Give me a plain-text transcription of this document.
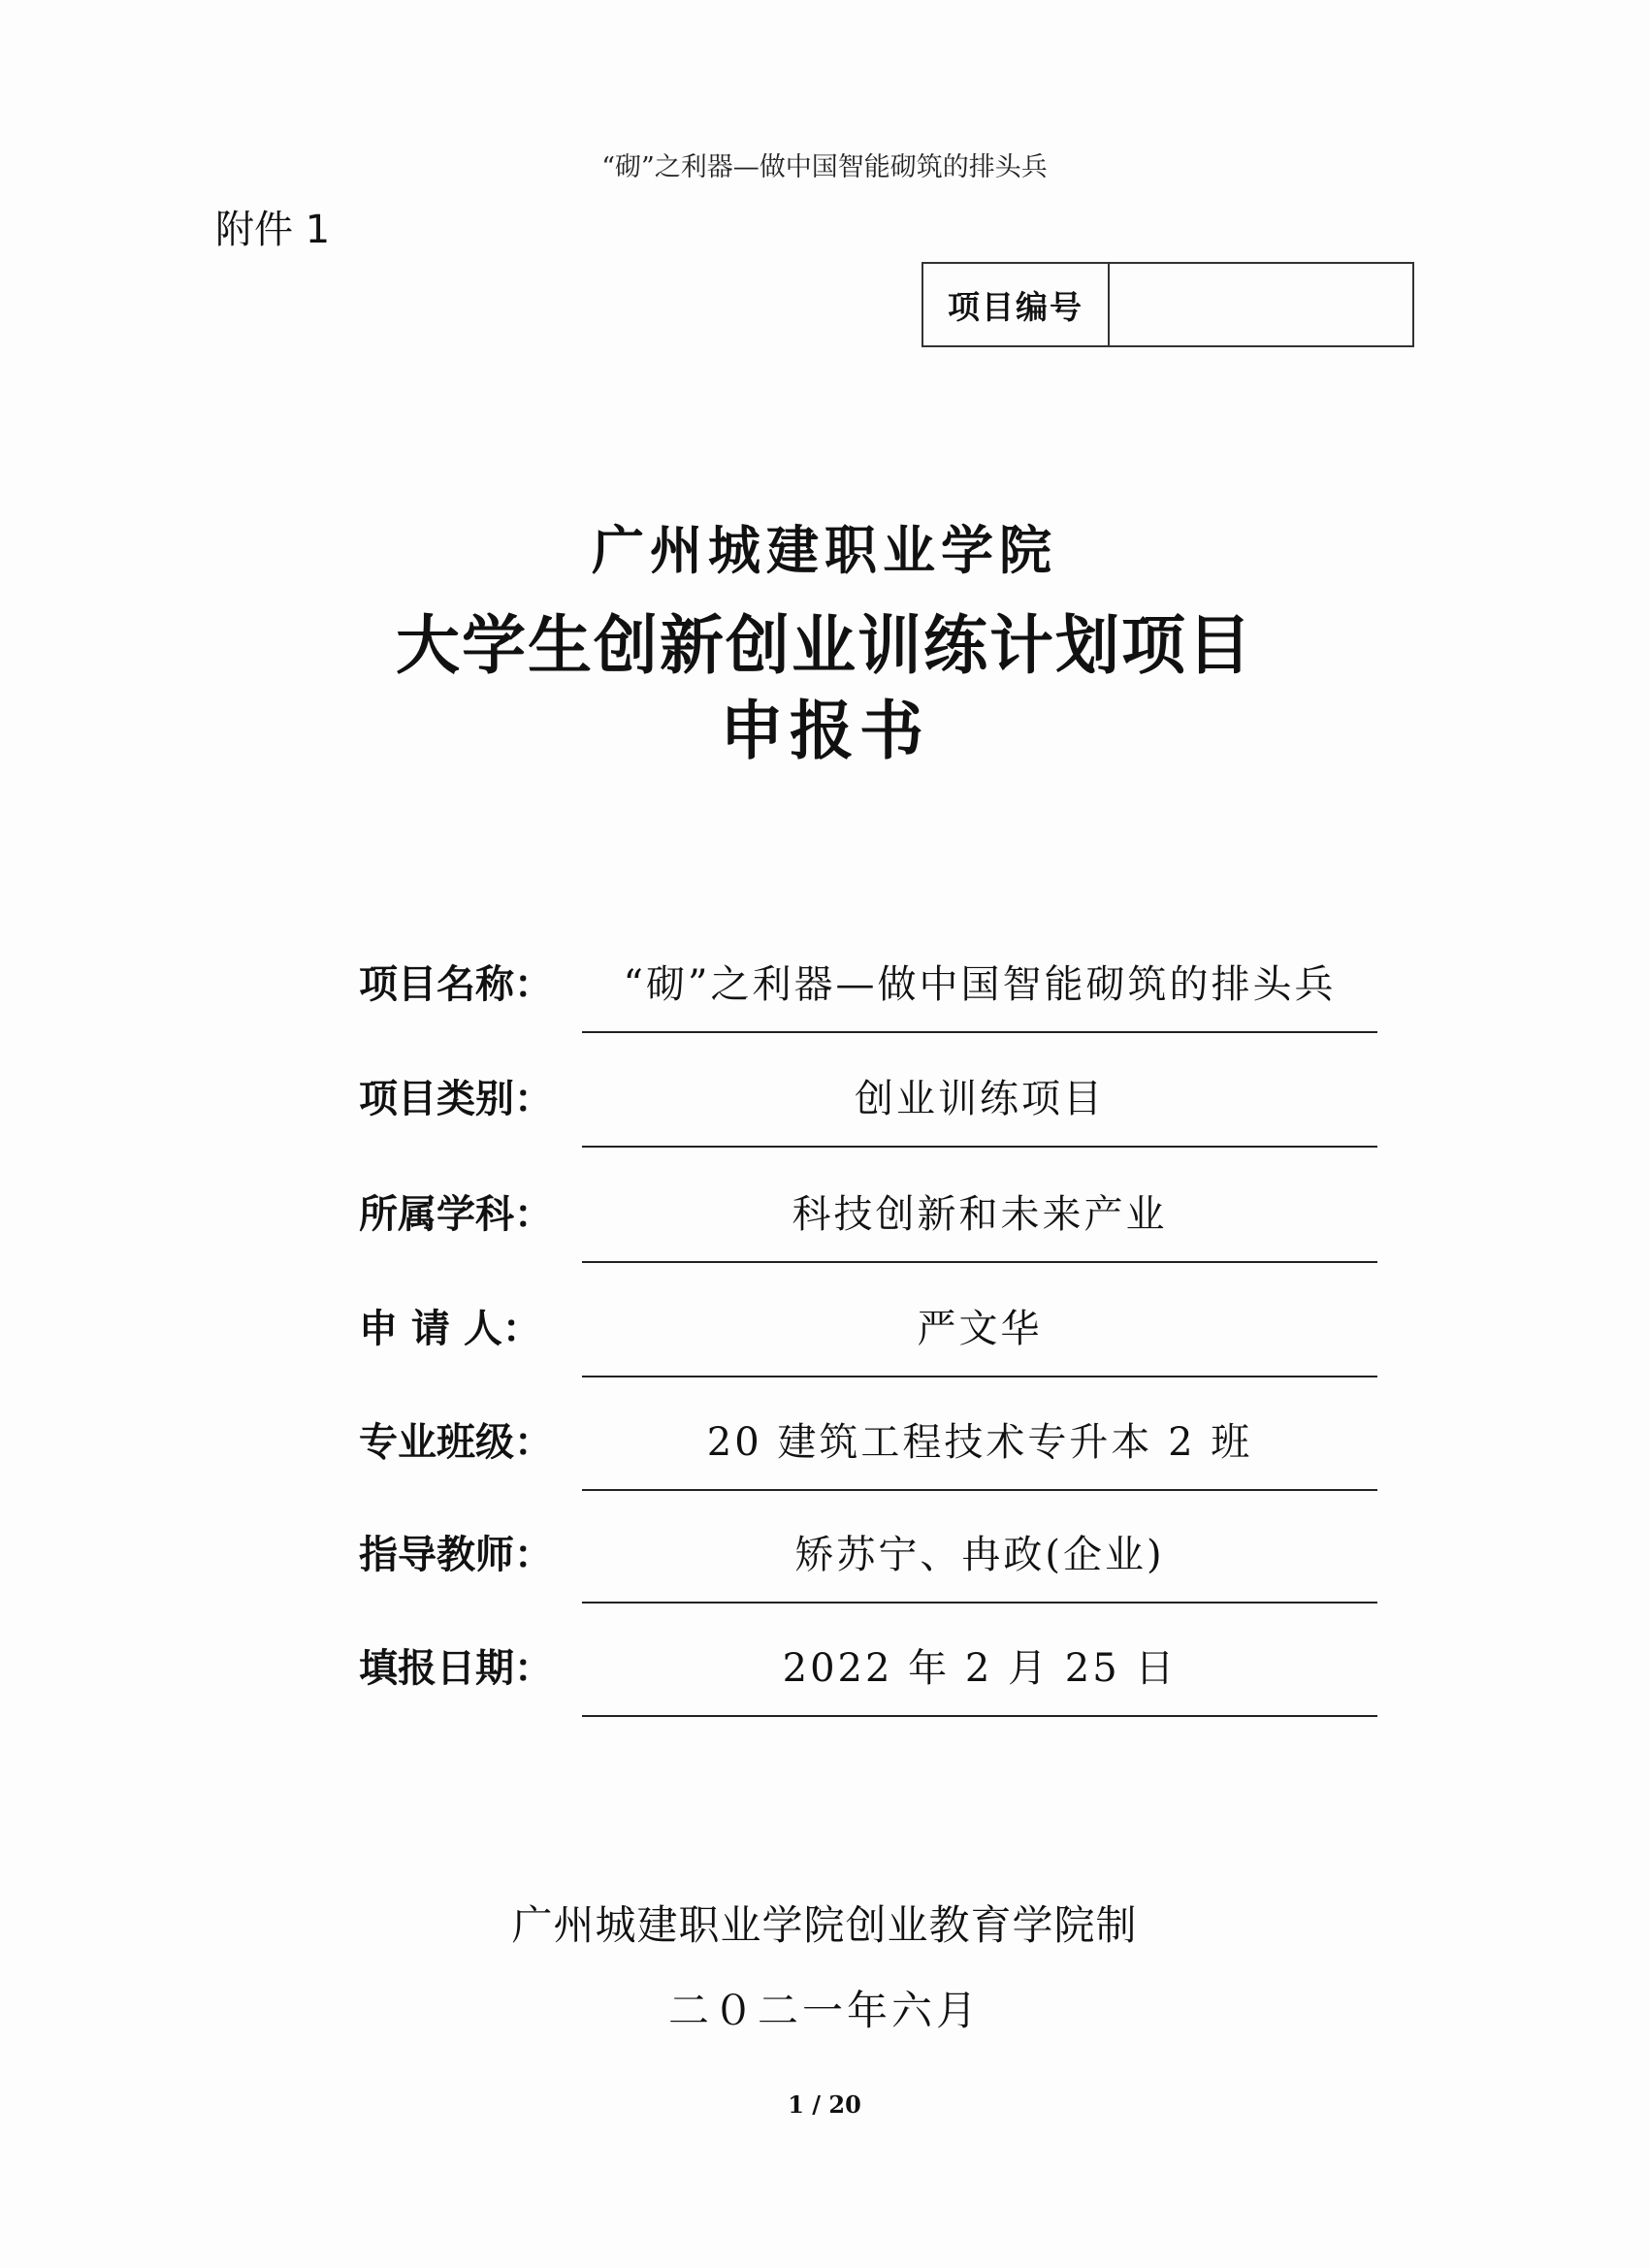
“砌”之利器—做中国智能砌筑的排头兵
附件 1
项目编号
广州城建职业学院
大学生创新创业训练计划项目
申报书
项目名称：	“砌”之利器—做中国智能砌筑的排头兵
项目类别：	创业训练项目
所属学科：	科技创新和未来产业
申 请 人：	严文华
专业班级：	20 建筑工程技术专升本 2 班
指导教师：	矫苏宁、冉政(企业)
填报日期：	2022 年 2 月 25 日
广州城建职业学院创业教育学院制
二０二一年六月
1 / 20
